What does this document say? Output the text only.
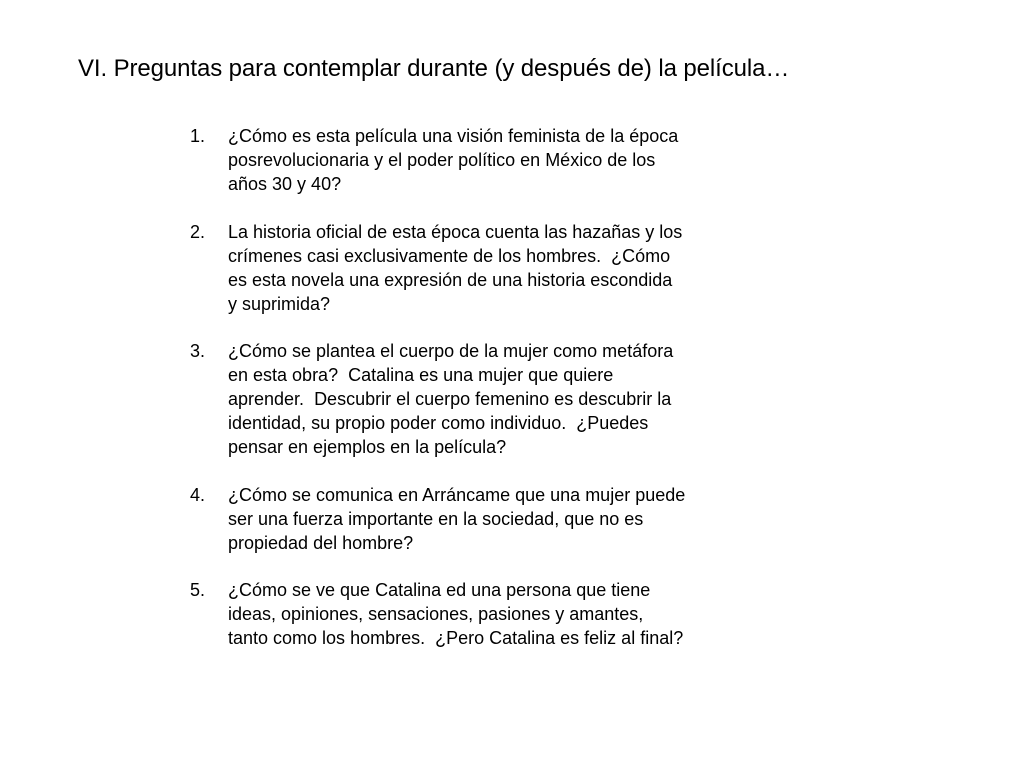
VI. Preguntas para contemplar durante (y después de) la película…
1.	¿Cómo es esta película una visión feminista de la época
posrevolucionaria y el poder político en México de los
años 30 y 40?
2.	La historia oficial de esta época cuenta las hazañas y los
crímenes casi exclusivamente de los hombres.  ¿Cómo
es esta novela una expresión de una historia escondida
y suprimida?
3.	¿Cómo se plantea el cuerpo de la mujer como metáfora
en esta obra?  Catalina es una mujer que quiere
aprender.  Descubrir el cuerpo femenino es descubrir la
identidad, su propio poder como individuo.  ¿Puedes
pensar en ejemplos en la película?
4.	¿Cómo se comunica en Arráncame que una mujer puede
ser una fuerza importante en la sociedad, que no es
propiedad del hombre?
5.	¿Cómo se ve que Catalina ed una persona que tiene
ideas, opiniones, sensaciones, pasiones y amantes,
tanto como los hombres.  ¿Pero Catalina es feliz al final?
